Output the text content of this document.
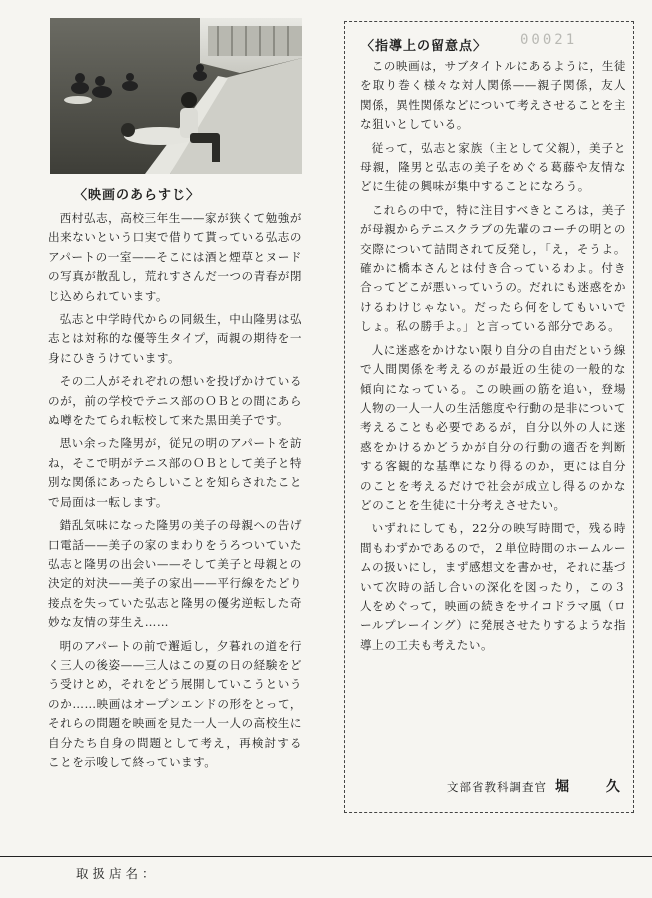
〈映画のあらすじ〉

西村弘志，高校三年生——家が狭くて勉強が出来ないという口実で借りて貰っている弘志のアパートの一室——そこには酒と煙草とヌードの写真が散乱し，荒れすさんだ一つの青春が閉じ込められています。

弘志と中学時代からの同級生，中山隆男は弘志とは対称的な優等生タイプ，両親の期待を一身にひきうけています。

その二人がそれぞれの想いを投げかけているのが，前の学校でテニス部のＯＢとの間にあらぬ噂をたてられ転校して来た黒田美子です。

思い余った隆男が，従兄の明のアパートを訪ね，そこで明がテニス部のＯＢとして美子と特別な関係にあったらしいことを知らされたことで局面は一転します。

錯乱気味になった隆男の美子の母親への告げ口電話——美子の家のまわりをうろついていた弘志と隆男の出会い——そして美子と母親との決定的対決——美子の家出——平行線をたどり接点を失っていた弘志と隆男の優劣逆転した奇妙な友情の芽生え……

明のアパートの前で邂逅し，夕暮れの道を行く三人の後姿——三人はこの夏の日の経験をどう受けとめ，それをどう展開していこうというのか……映画はオープンエンドの形をとって，それらの問題を映画を見た一人一人の高校生に自分たち自身の問題として考え，再検討することを示唆して終っています。

00021
〈指導上の留意点〉

この映画は，サブタイトルにあるように，生徒を取り巻く様々な対人関係——親子関係，友人関係，異性関係などについて考えさせることを主な狙いとしている。

従って，弘志と家族（主として父親），美子と母親，隆男と弘志の美子をめぐる葛藤や友情などに生徒の興味が集中することになろう。

これらの中で，特に注目すべきところは，美子が母親からテニスクラブの先輩のコーチの明との交際について詰問されて反発し，「え，そうよ。確かに橋本さんとは付き合っているわよ。付き合ってどこが悪いっていうの。だれにも迷惑をかけるわけじゃない。だったら何をしてもいいでしょ。私の勝手よ。」と言っている部分である。

人に迷惑をかけない限り自分の自由だという線で人間関係を考えるのが最近の生徒の一般的な傾向になっている。この映画の筋を追い，登場人物の一人一人の生活態度や行動の是非について考えることも必要であるが，自分以外の人に迷惑をかけるかどうかが自分の行動の適否を判断する客観的な基準になり得るのか，更には自分のことを考えるだけで社会が成立し得るのかなどのことを生徒に十分考えさせたい。

いずれにしても，22分の映写時間で，残る時間もわずかであるので，２単位時間のホームルームの扱いにし，まず感想文を書かせ，それに基づいて次時の話し合いの深化を図ったり，この３人をめぐって，映画の続きをサイコドラマ風（ロールプレーイング）に発展させたりするような指導上の工夫も考えたい。

文部省教科調査官 堀 久
取扱店名：
